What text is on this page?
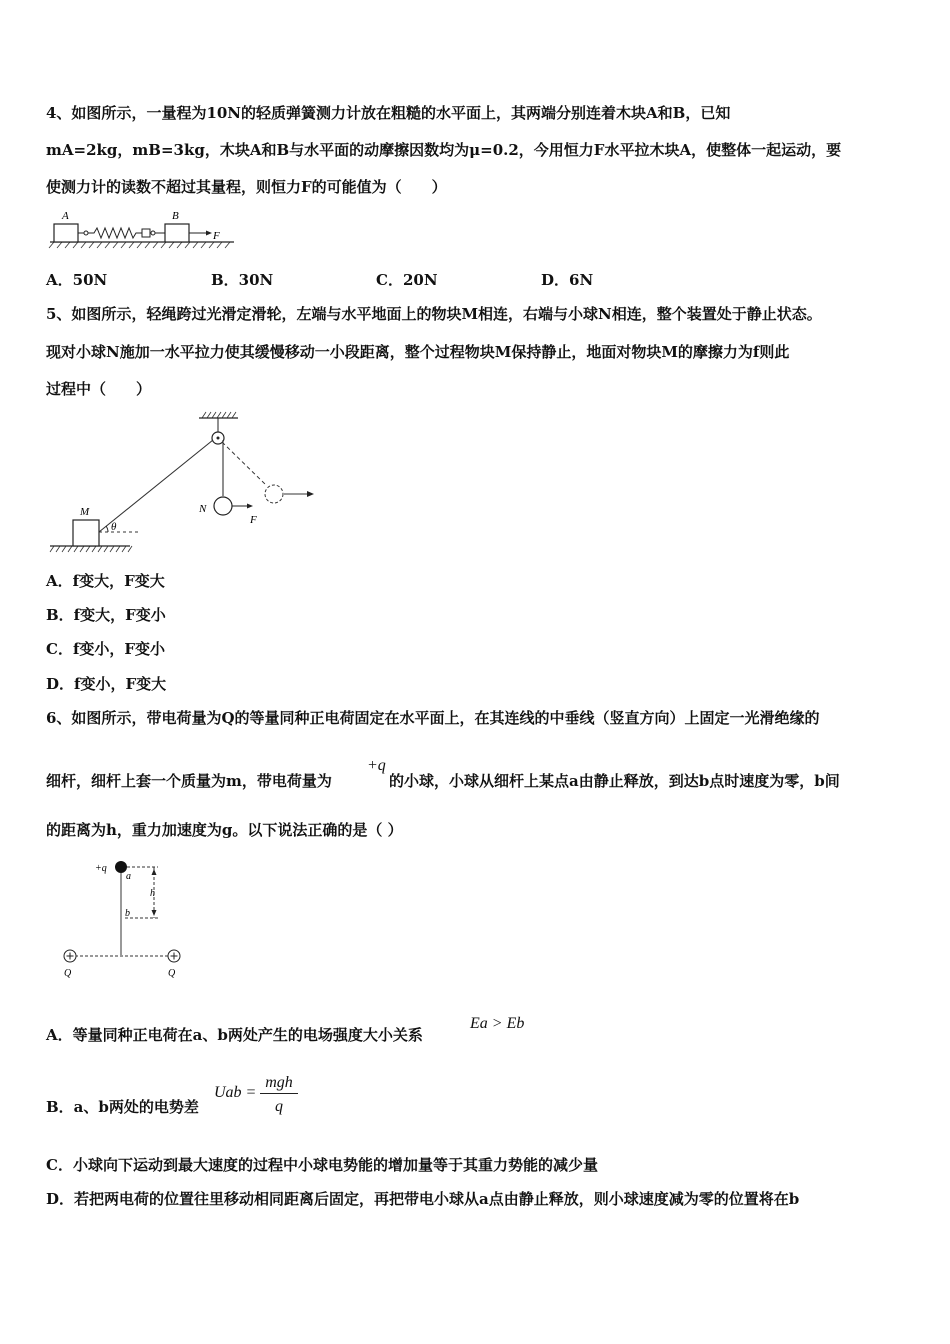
4、如图所示，一量程为10N的轻质弹簧测力计放在粗糙的水平面上，其两端分别连着木块A和B，已知
mA=2kg，mB=3kg，木块A和B与水平面的动摩擦因数均为μ=0.2，今用恒力F水平拉木块A，使整体一起运动，要
使测力计的读数不超过其量程，则恒力F的可能值为（　　）
A	B
F
A．50N	B．30N	C．20N	D．6N
5、如图所示，轻绳跨过光滑定滑轮，左端与水平地面上的物块M相连，右端与小球N相连，整个装置处于静止状态。
现对小球N施加一水平拉力使其缓慢移动一小段距离，整个过程物块M保持静止，地面对物块M的摩擦力为f则此
过程中（　　）
M	N
F
θ
A．f变大，F变大
B．f变大，F变小
C．f变小，F变小
D．f变小，F变大
6、如图所示，带电荷量为Q的等量同种正电荷固定在水平面上，在其连线的中垂线（竖直方向）上固定一光滑绝缘的
+q
细杆，细杆上套一个质量为m，带电荷量为	的小球，小球从细杆上某点a由静止释放，到达b点时速度为零，b间
的距离为h，重力加速度为g。以下说法正确的是（ ）
+q
a
b
h
Q	Q
A．等量同种正电荷在a、b两处产生的电场强度大小关系
Ea > Eb
B．a、b两处的电势差
Uab =
mgh
q
C．小球向下运动到最大速度的过程中小球电势能的增加量等于其重力势能的减少量
D．若把两电荷的位置往里移动相同距离后固定，再把带电小球从a点由静止释放，则小球速度减为零的位置将在b
